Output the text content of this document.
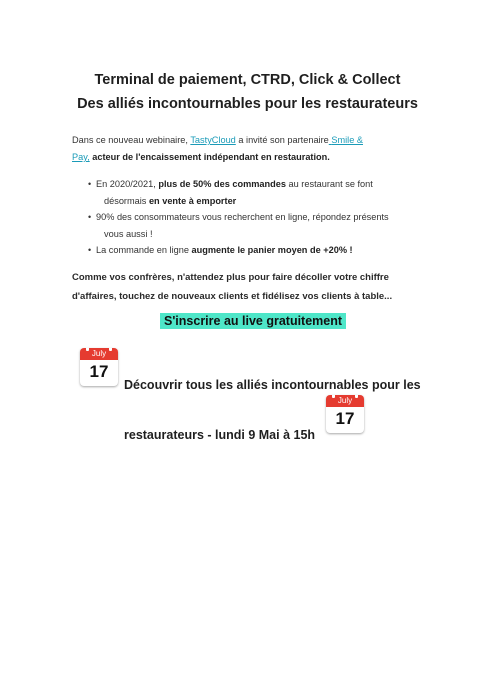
Terminal de paiement, CTRD, Click & Collect
Des alliés incontournables pour les restaurateurs
Dans ce nouveau webinaire, TastyCloud a invité son partenaire Smile &
Pay, acteur de l'encaissement indépendant en restauration.
• En 2020/2021, plus de 50% des commandes au restaurant se font
désormais en vente à emporter
• 90% des consommateurs vous recherchent en ligne, répondez présents
vous aussi !
• La commande en ligne augmente le panier moyen de +20% !
Comme vos confrères, n'attendez plus pour faire décoller votre chiffre d'affaires, touchez de nouveaux clients et fidélisez vos clients à table...
S'inscrire au live gratuitement
July
17
Découvrir tous les alliés incontournables pour les
July
17
restaurateurs - lundi 9 Mai à 15h
